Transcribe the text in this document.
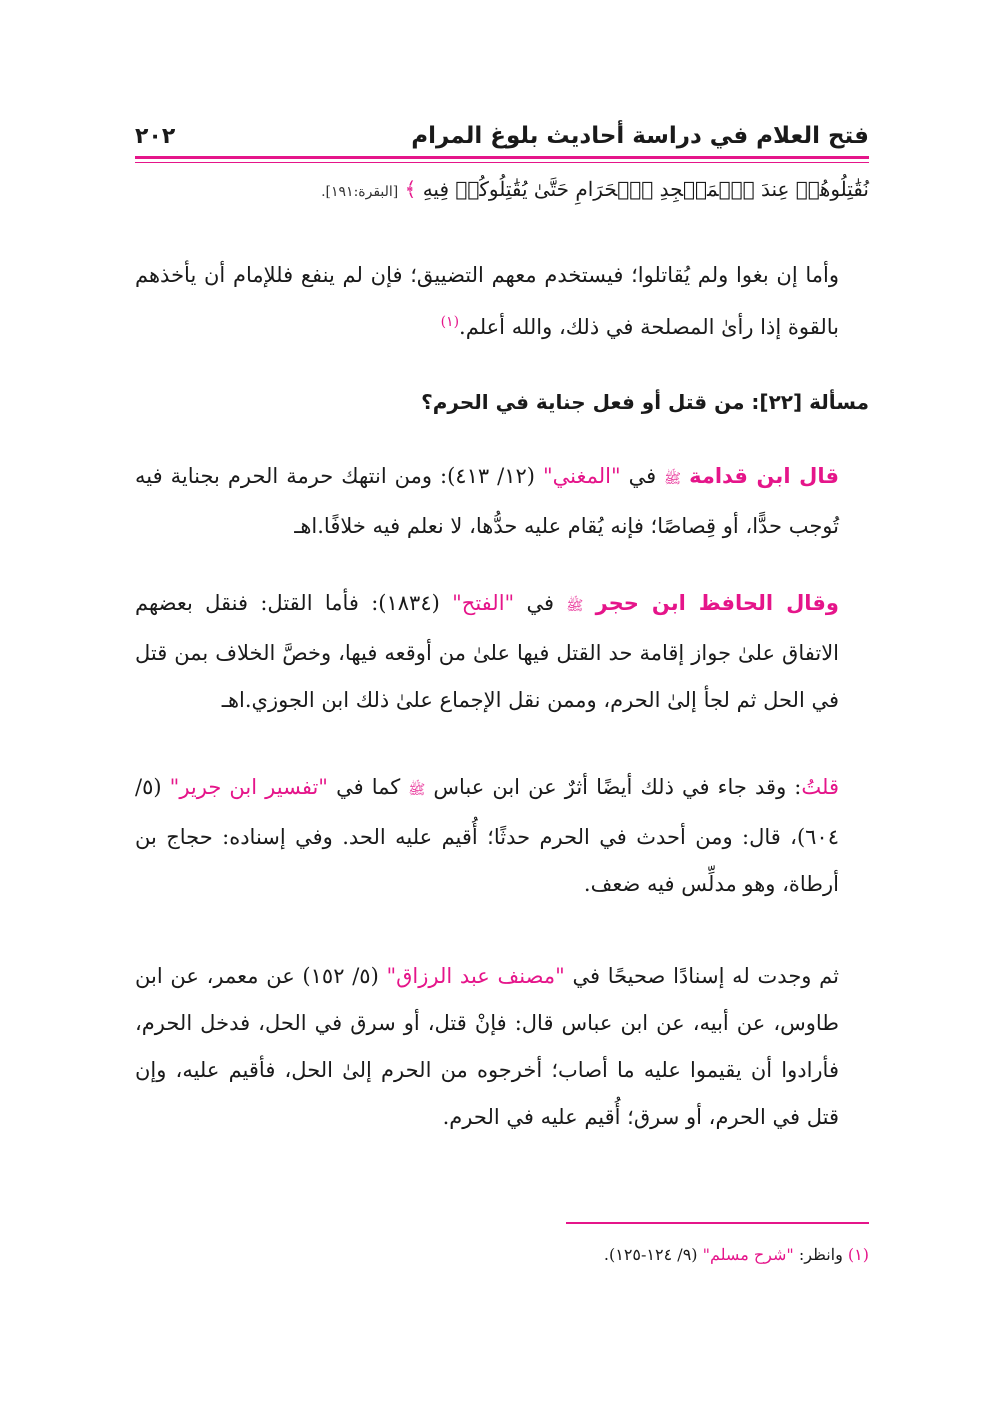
فتح العلام في دراسة أحاديث بلوغ المرام
٢٠٢
نُقَٰتِلُوهُمۡ عِندَ ٱلۡمَسۡجِدِ ٱلۡحَرَامِ حَتَّىٰ يُقَٰتِلُوكُمۡ فِيهِ ﴾ [البقرة:١٩١].
وأما إن بغوا ولم يُقاتلوا؛ فيستخدم معهم التضييق؛ فإن لم ينفع فللإمام أن يأخذهم بالقوة إذا رأىٰ المصلحة في ذلك، والله أعلم.$^{(١)}$
مسألة [٢٢]: من قتل أو فعل جناية في الحرم؟
قال ابن قدامة ﷺ في "المغني" (١٢/ ٤١٣): ومن انتهك حرمة الحرم بجناية فيه تُوجب حدًّا، أو قِصاصًا؛ فإنه يُقام عليه حدُّها، لا نعلم فيه خلافًا.اهـ
وقال الحافظ ابن حجر ﷺ في "الفتح" (١٨٣٤): فأما القتل: فنقل بعضهم الاتفاق علىٰ جواز إقامة حد القتل فيها علىٰ من أوقعه فيها، وخصَّ الخلاف بمن قتل في الحل ثم لجأ إلىٰ الحرم، وممن نقل الإجماع علىٰ ذلك ابن الجوزي.اهـ
قلتُ: وقد جاء في ذلك أيضًا أثرٌ عن ابن عباس ﷺ كما في "تفسير ابن جرير" (٥/ ٦٠٤)، قال: ومن أحدث في الحرم حدثًا؛ أُقيم عليه الحد. وفي إسناده: حجاج بن أرطاة، وهو مدلِّس فيه ضعف.
ثم وجدت له إسنادًا صحيحًا في "مصنف عبد الرزاق" (٥/ ١٥٢) عن معمر، عن ابن طاوس، عن أبيه، عن ابن عباس قال: فإنْ قتل، أو سرق في الحل، فدخل الحرم، فأرادوا أن يقيموا عليه ما أصاب؛ أخرجوه من الحرم إلىٰ الحل، فأقيم عليه، وإن قتل في الحرم، أو سرق؛ أُقيم عليه في الحرم.
(١) وانظر: "شرح مسلم" (٩/ ١٢٤-١٢٥).
